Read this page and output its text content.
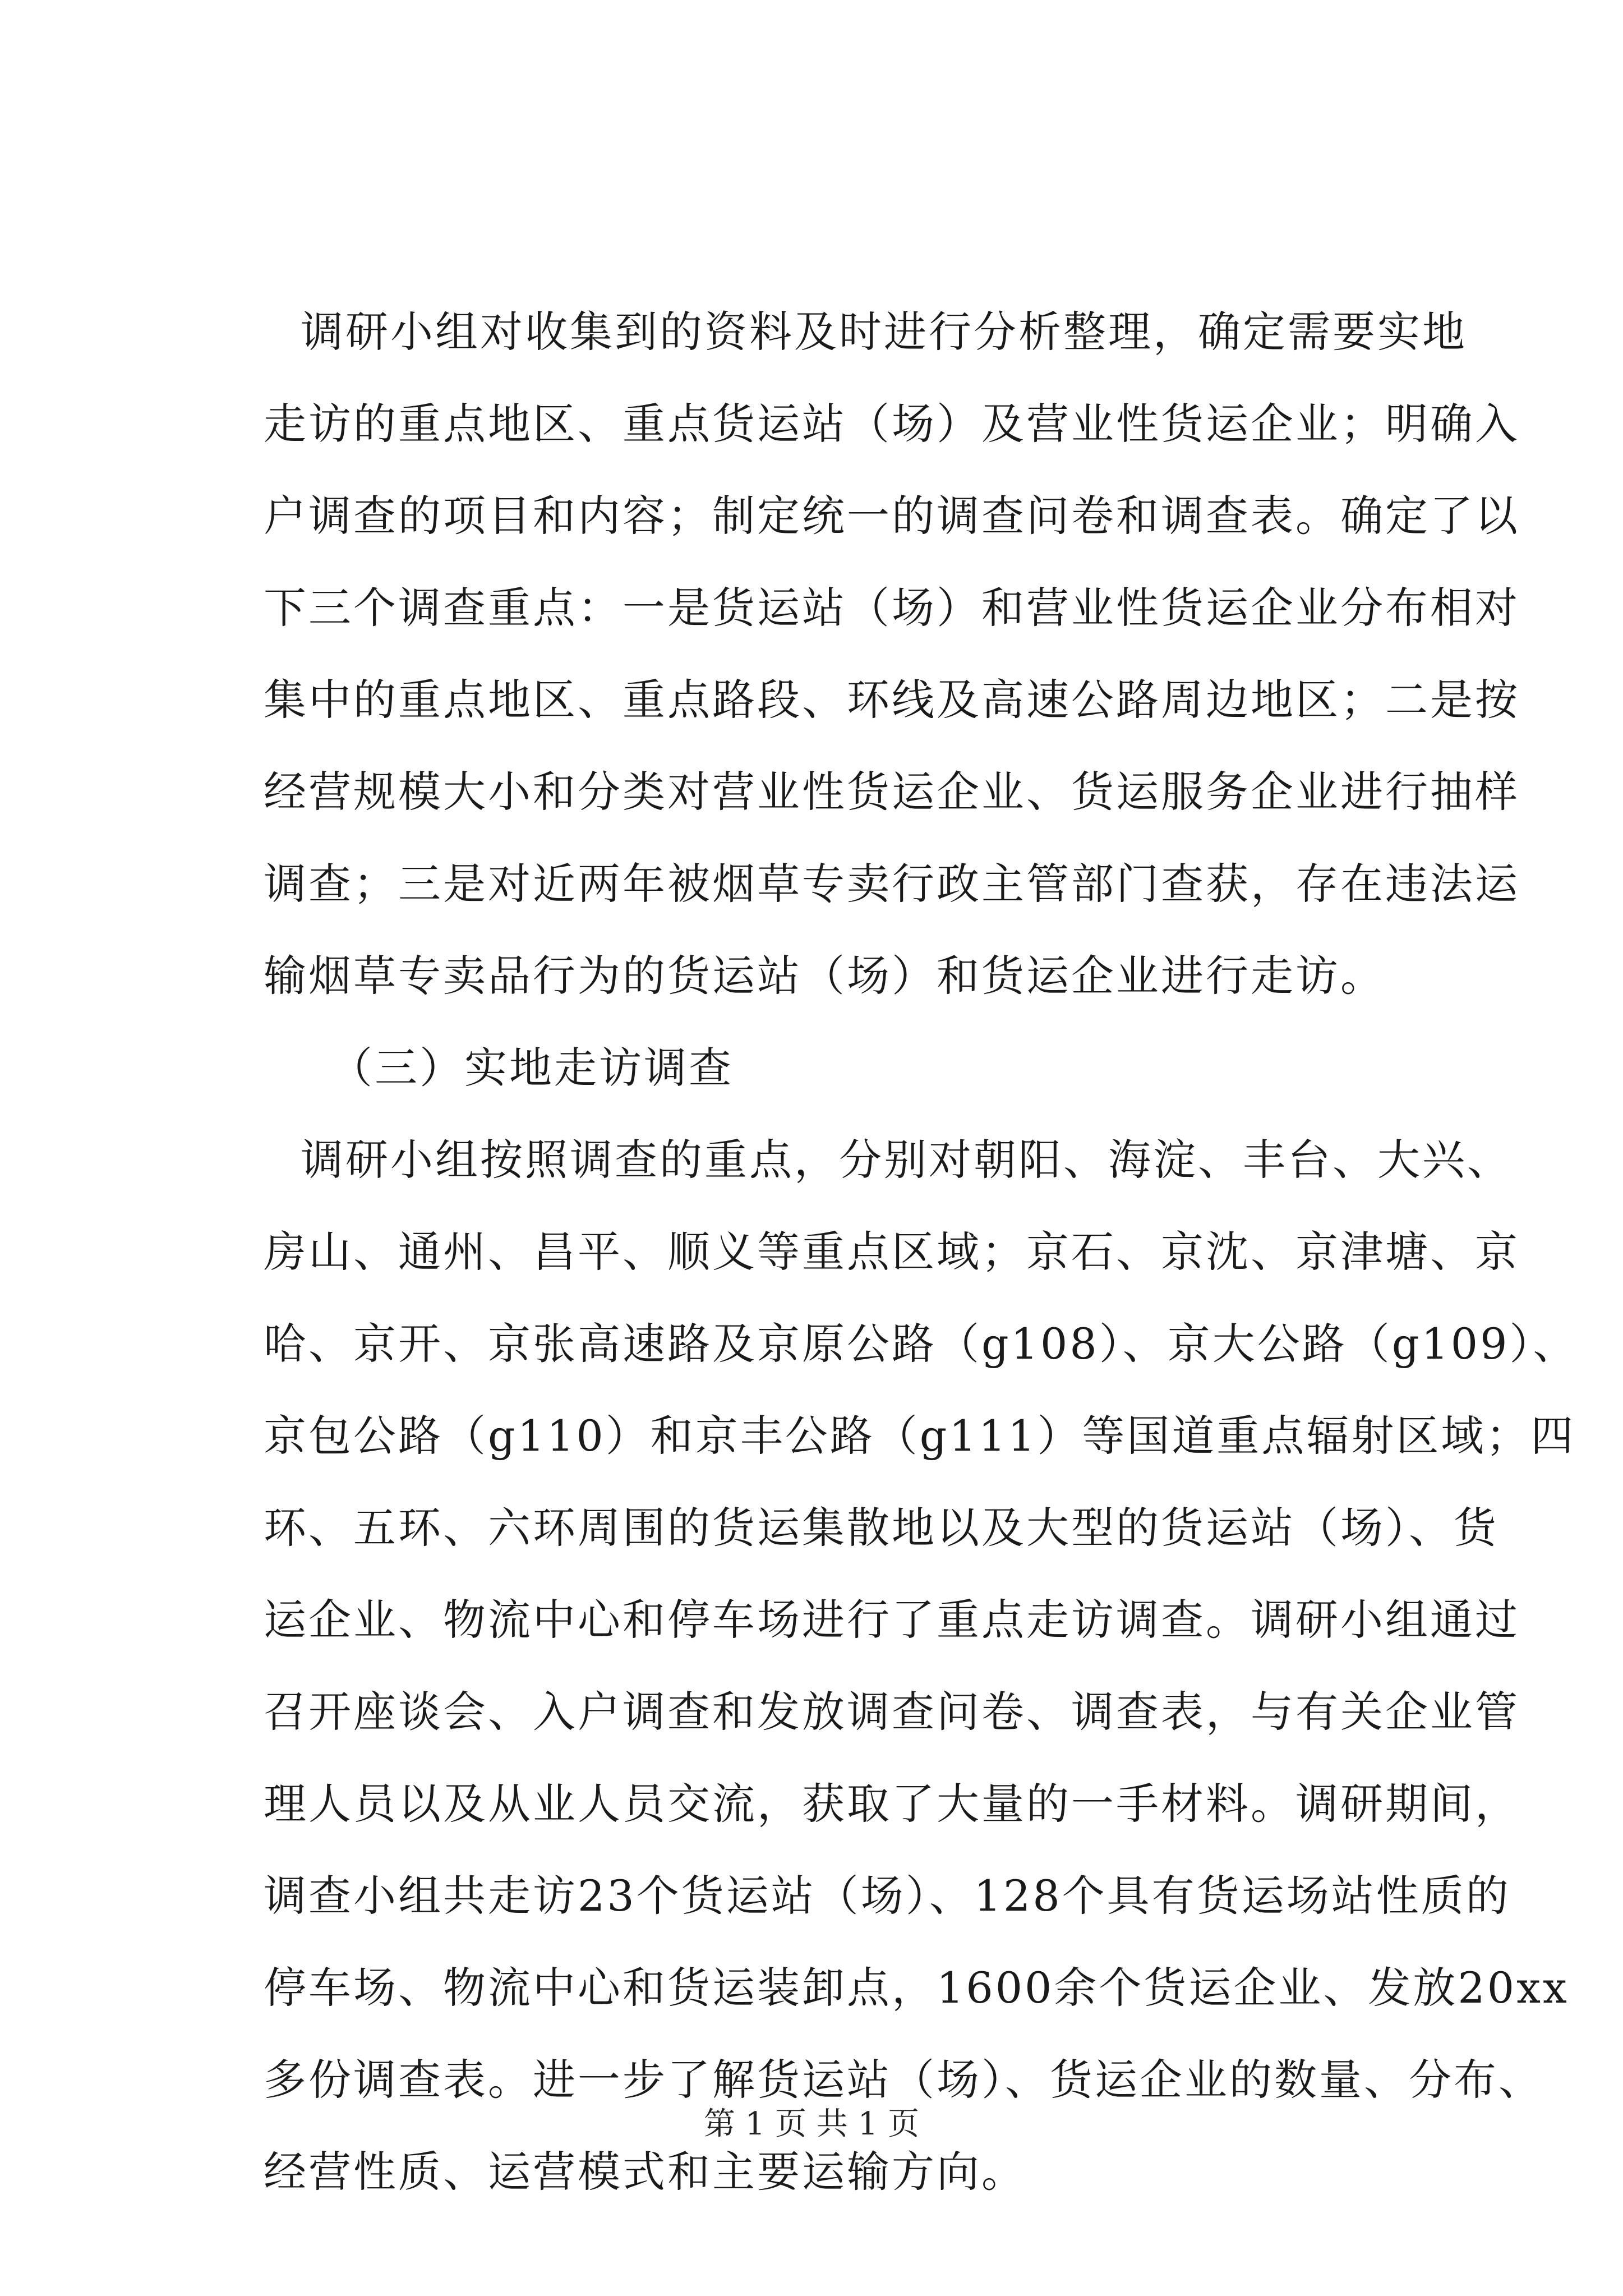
调研小组对收集到的资料及时进行分析整理，确定需要实地
走访的重点地区、重点货运站（场）及营业性货运企业；明确入
户调查的项目和内容；制定统一的调查问卷和调查表。确定了以
下三个调查重点：一是货运站（场）和营业性货运企业分布相对
集中的重点地区、重点路段、环线及高速公路周边地区；二是按
经营规模大小和分类对营业性货运企业、货运服务企业进行抽样
调查；三是对近两年被烟草专卖行政主管部门查获，存在违法运
输烟草专卖品行为的货运站（场）和货运企业进行走访。
（三）实地走访调查
调研小组按照调查的重点，分别对朝阳、海淀、丰台、大兴、
房山、通州、昌平、顺义等重点区域；京石、京沈、京津塘、京
哈、京开、京张高速路及京原公路（g108）、京大公路（g109）、
京包公路（g110）和京丰公路（g111）等国道重点辐射区域；四
环、五环、六环周围的货运集散地以及大型的货运站（场）、货
运企业、物流中心和停车场进行了重点走访调查。调研小组通过
召开座谈会、入户调查和发放调查问卷、调查表，与有关企业管
理人员以及从业人员交流，获取了大量的一手材料。调研期间，
调查小组共走访23个货运站（场）、128个具有货运场站性质的
停车场、物流中心和货运装卸点，1600余个货运企业、发放20xx
多份调查表。进一步了解货运站（场）、货运企业的数量、分布、
经营性质、运营模式和主要运输方向。
第 1 页 共 1 页
